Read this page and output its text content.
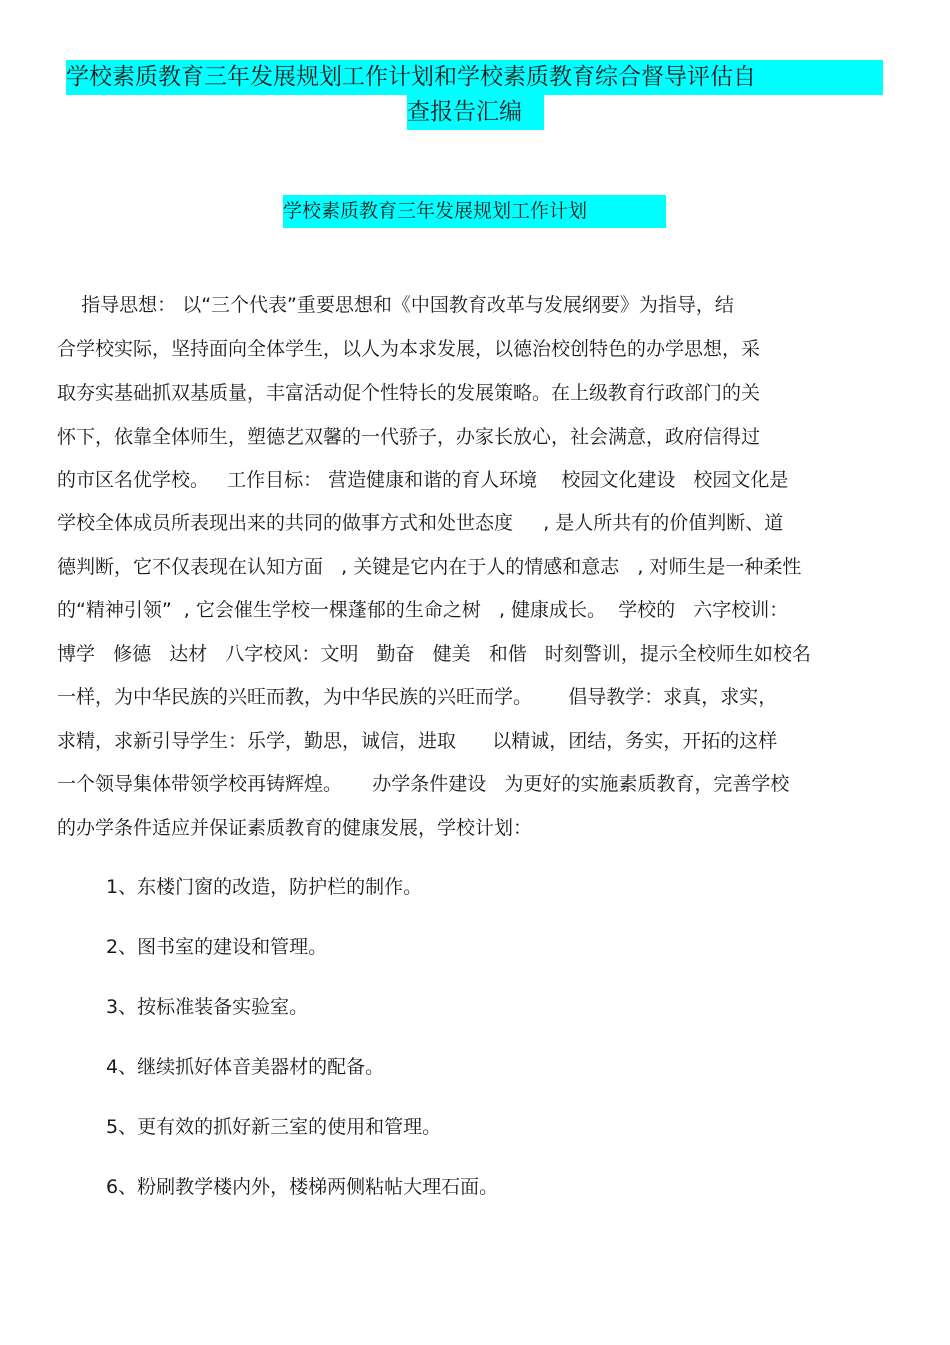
学校素质教育三年发展规划工作计划和学校素质教育综合督导评估自
查报告汇编
学校素质教育三年发展规划工作计划
指导思想： 以“三个代表”重要思想和《中国教育改革与发展纲要》为指导，结
合学校实际，坚持面向全体学生，以人为本求发展，以德治校创特色的办学思想，采
取夯实基础抓双基质量，丰富活动促个性特长的发展策略。在上级教育行政部门的关
怀下，依靠全体师生，塑德艺双馨的一代骄子，办家长放心，社会满意，政府信得过
的市区名优学校。   工作目标： 营造健康和谐的育人环境    校园文化建设   校园文化是
学校全体成员所表现出来的共同的做事方式和处世态度     , 是人所共有的价值判断、道
德判断，它不仅表现在认知方面   , 关键是它内在于人的情感和意志   , 对师生是一种柔性
的“精神引领”  , 它会催生学校一棵蓬郁的生命之树   , 健康成长。  学校的   六字校训：
博学   修德   达材   八字校风：文明   勤奋   健美   和偕   时刻警训，提示全校师生如校名
一样，为中华民族的兴旺而教，为中华民族的兴旺而学。      倡导教学：求真，求实，
求精，求新引导学生：乐学，勤思，诚信，进取      以精诚，团结，务实，开拓的这样
一个领导集体带领学校再铸辉煌。     办学条件建设   为更好的实施素质教育，完善学校
的办学条件适应并保证素质教育的健康发展，学校计划：
1、东楼门窗的改造，防护栏的制作。
2、图书室的建设和管理。
3、按标准装备实验室。
4、继续抓好体音美器材的配备。
5、更有效的抓好新三室的使用和管理。
6、粉刷教学楼内外，楼梯两侧粘帖大理石面。
